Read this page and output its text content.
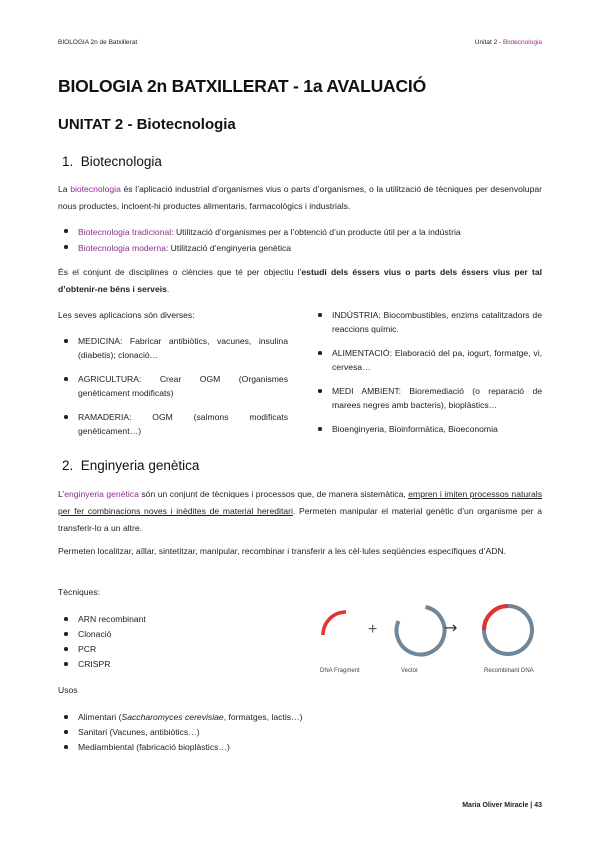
BIOLOGIA 2n de Batxillerat	Unitat 2 - Biotecnologia
BIOLOGIA 2n BATXILLERAT - 1a AVALUACIÓ
UNITAT 2 - Biotecnologia
1. Biotecnologia
La biotecnologia és l’aplicació industrial d’organismes vius o parts d’organismes, o la utilització de tècniques per desenvolupar nous productes, incloent-hi productes alimentaris, farmacològics i industrials.
Biotecnologia tradicional: Utilització d’organismes per a l’obtenció d’un producte útil per a la indústria
Biotecnologia moderna: Utilització d’enginyeria genètica
És el conjunt de disciplines o ciències que té per objectiu l’estudi dels éssers vius o parts dels éssers vius per tal d’obtenir-ne béns i serveis.
Les seves aplicacions són diverses:
MEDICINA: Fabricar antibiòtics, vacunes, insulina (diabetis); clonació…
AGRICULTURA: Crear OGM (Organismes genèticament modificats)
RAMADERIA: OGM (salmons modificats genèticament…)
INDÚSTRIA: Biocombustibles, enzims catalitzadors de reaccions químic.
ALIMENTACIÓ: Elaboració del pa, iogurt, formatge, vi, cervesa…
MEDI AMBIENT: Bioremediació (o reparació de marees negres amb bacteris), bioplàstics…
Bioenginyeria, Bioinformàtica, Bioeconomia
2. Enginyeria genètica
L’enginyeria genètica són un conjunt de tècniques i processos que, de manera sistemàtica, empren i imiten processos naturals per fer combinacions noves i inèdites de material hereditari. Permeten manipular el material genètic d’un organisme per a transferir-lo a un altre.
Permeten localitzar, aïllar, sintetitzar, manipular, recombinar i transferir a les cèl·lules seqüències específiques d’ADN.
Tècniques:
ARN recombinant
Clonació
PCR
CRISPR
Usos
Alimentari (Saccharomyces cerevisiae, formatges, lactis…)
Sanitari (Vacunes, antibiòtics…)
Mediambiental (fabricació bioplàstics…)
+	→
DNA Fragment	Vector	Recombinant DNA
Maria Oliver Miracle | 43
